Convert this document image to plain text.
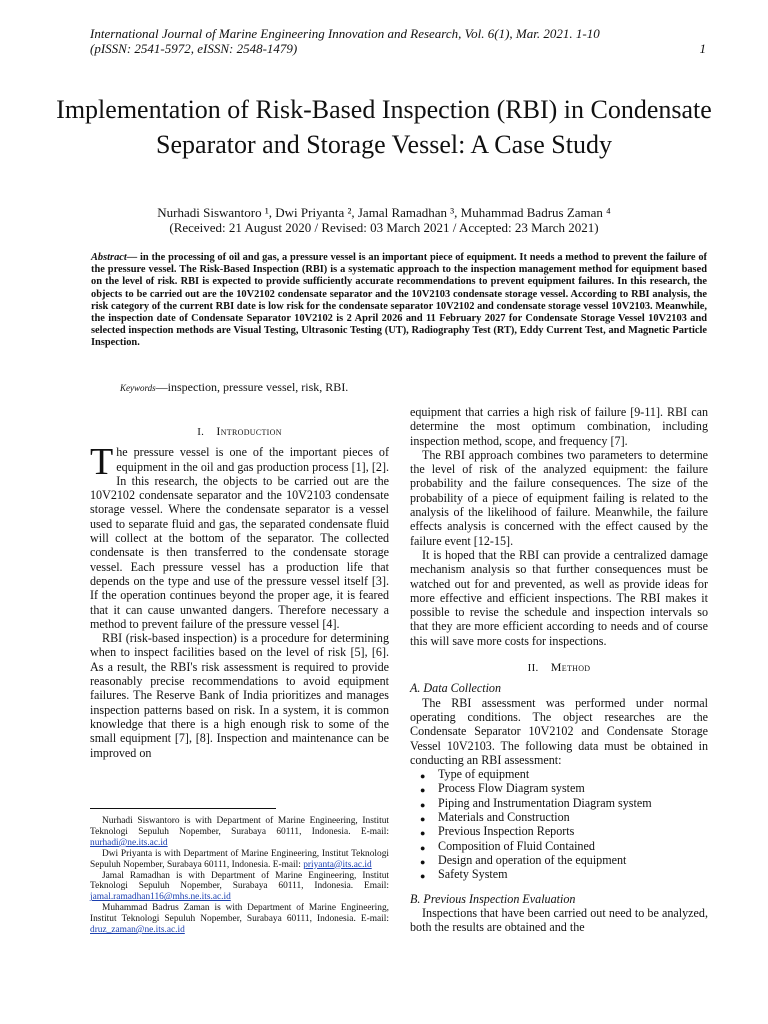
International Journal of Marine Engineering Innovation and Research, Vol. 6(1), Mar. 2021. 1-10
(pISSN: 2541-5972, eISSN: 2548-1479)	1
Implementation of Risk-Based Inspection (RBI) in Condensate Separator and Storage Vessel: A Case Study
Nurhadi Siswantoro ¹, Dwi Priyanta ², Jamal Ramadhan ³, Muhammad Badrus Zaman ⁴
(Received: 21 August 2020 / Revised: 03 March 2021 / Accepted: 23 March 2021)
Abstract— in the processing of oil and gas, a pressure vessel is an important piece of equipment. It needs a method to prevent the failure of the pressure vessel. The Risk-Based Inspection (RBI) is a systematic approach to the inspection management method for equipment based on the level of risk. RBI is expected to provide sufficiently accurate recommendations to prevent equipment failures. In this research, the objects to be carried out are the 10V2102 condensate separator and the 10V2103 condensate storage vessel. According to RBI analysis, the risk category of the current RBI date is low risk for the condensate separator 10V2102 and condensate storage vessel 10V2103. Meanwhile, the inspection date of Condensate Separator 10V2102 is 2 April 2026 and 11 February 2027 for Condensate Storage Vessel 10V2103 and selected inspection methods are Visual Testing, Ultrasonic Testing (UT), Radiography Test (RT), Eddy Current Test, and Magnetic Particle Inspection.
Keywords—inspection, pressure vessel, risk, RBI.
I. Introduction

The pressure vessel is one of the important pieces of equipment in the oil and gas production process [1], [2]. In this research, the objects to be carried out are the 10V2102 condensate separator and the 10V2103 condensate storage vessel. Where the condensate separator is a vessel used to separate fluid and gas, the separated condensate fluid will collect at the bottom of the separator. The collected condensate is then transferred to the condensate storage vessel. Each pressure vessel has a production life that depends on the type and use of the pressure vessel itself [3]. If the operation continues beyond the proper age, it is feared that it can cause unwanted dangers. Therefore necessary a method to prevent failure of the pressure vessel [4].

RBI (risk-based inspection) is a procedure for determining when to inspect facilities based on the level of risk [5], [6]. As a result, the RBI's risk assessment is required to provide reasonably precise recommendations to avoid equipment failures. The Reserve Bank of India prioritizes and manages inspection patterns based on risk. In a system, it is common knowledge that there is a high enough risk to some of the small equipment [7], [8]. Inspection and maintenance can be improved on

Nurhadi Siswantoro is with Department of Marine Engineering, Institut Teknologi Sepuluh Nopember, Surabaya 60111, Indonesia. E-mail: nurhadi@ne.its.ac.id

Dwi Priyanta is with Department of Marine Engineering, Institut Teknologi Sepuluh Nopember, Surabaya 60111, Indonesia. E-mail: priyanta@its.ac.id

Jamal Ramadhan is with Department of Marine Engineering, Institut Teknologi Sepuluh Nopember, Surabaya 60111, Indonesia. Email: jamal.ramadhan116@mhs.ne.its.ac.id

Muhammad Badrus Zaman is with Department of Marine Engineering, Institut Teknologi Sepuluh Nopember, Surabaya 60111, Indonesia. E-mail: druz_zaman@ne.its.ac.id

equipment that carries a high risk of failure [9-11]. RBI can determine the most optimum combination, including inspection method, scope, and frequency [7].

The RBI approach combines two parameters to determine the level of risk of the analyzed equipment: the failure probability and the failure consequences. The size of the probability of a piece of equipment failing is related to the analysis of the likelihood of failure. Meanwhile, the failure effects analysis is concerned with the effect caused by the failure event [12-15].

It is hoped that the RBI can provide a centralized damage mechanism analysis so that further consequences must be watched out for and prevented, as well as provide ideas for more effective and efficient inspections. The RBI makes it possible to revise the schedule and inspection intervals so that they are more efficient according to needs and of course this will save more costs for inspections.

II. Method
A. Data Collection

The RBI assessment was performed under normal operating conditions. The object researches are the Condensate Separator 10V2102 and Condensate Storage Vessel 10V2103. The following data must be obtained in conducting an RBI assessment:

● Type of equipment
● Process Flow Diagram system
● Piping and Instrumentation Diagram system
● Materials and Construction
● Previous Inspection Reports
● Composition of Fluid Contained
● Design and operation of the equipment
● Safety System
B. Previous Inspection Evaluation

Inspections that have been carried out need to be analyzed, both the results are obtained and the
